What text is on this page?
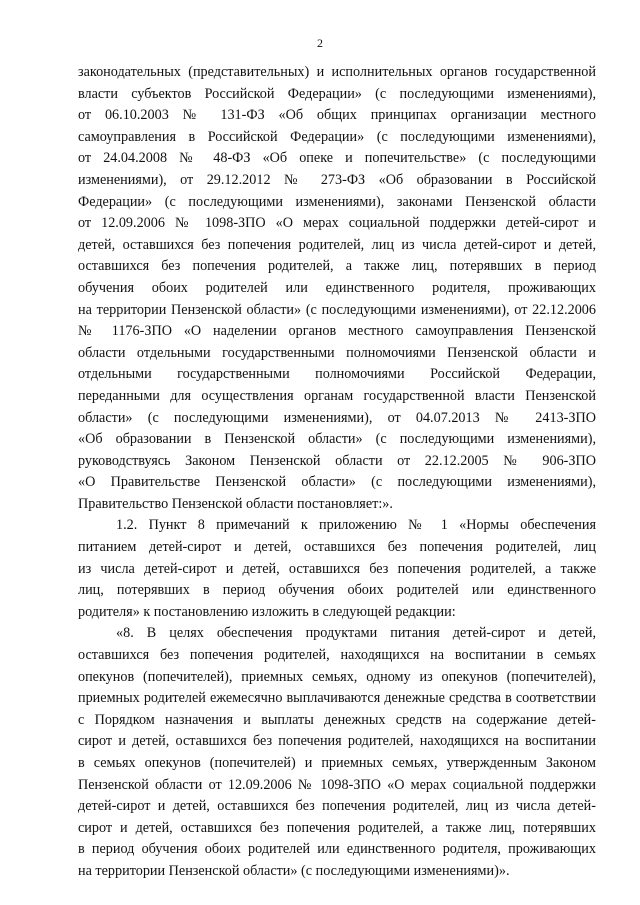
2
законодательных (представительных) и исполнительных органов государственной
власти субъектов Российской Федерации» (с последующими изменениями),
от 06.10.2003 № 131-ФЗ «Об общих принципах организации местного
самоуправления в Российской Федерации» (с последующими изменениями),
от 24.04.2008 № 48-ФЗ «Об опеке и попечительстве» (с последующими
изменениями), от 29.12.2012 № 273-ФЗ «Об образовании в Российской
Федерации» (с последующими изменениями), законами Пензенской области
от 12.09.2006 № 1098-ЗПО «О мерах социальной поддержки детей-сирот и
детей, оставшихся без попечения родителей, лиц из числа детей-сирот и детей,
оставшихся без попечения родителей, а также лиц, потерявших в период
обучения обоих родителей или единственного родителя, проживающих
на территории Пензенской области» (с последующими изменениями), от 22.12.2006
№ 1176-ЗПО «О наделении органов местного самоуправления Пензенской
области отдельными государственными полномочиями Пензенской области и
отдельными государственными полномочиями Российской Федерации,
переданными для осуществления органам государственной власти Пензенской
области» (с последующими изменениями), от 04.07.2013 № 2413-ЗПО
«Об образовании в Пензенской области» (с последующими изменениями),
руководствуясь Законом Пензенской области от 22.12.2005 № 906-ЗПО
«О Правительстве Пензенской области» (с последующими изменениями),
Правительство Пензенской области постановляет:».
1.2. Пункт 8 примечаний к приложению № 1 «Нормы обеспечения
питанием детей-сирот и детей, оставшихся без попечения родителей, лиц
из числа детей-сирот и детей, оставшихся без попечения родителей, а также
лиц, потерявших в период обучения обоих родителей или единственного
родителя» к постановлению изложить в следующей редакции:
«8. В целях обеспечения продуктами питания детей-сирот и детей,
оставшихся без попечения родителей, находящихся на воспитании в семьях
опекунов (попечителей), приемных семьях, одному из опекунов (попечителей),
приемных родителей ежемесячно выплачиваются денежные средства в соответствии
с Порядком назначения и выплаты денежных средств на содержание детей-
сирот и детей, оставшихся без попечения родителей, находящихся на воспитании
в семьях опекунов (попечителей) и приемных семьях, утвержденным Законом
Пензенской области от 12.09.2006 № 1098-ЗПО «О мерах социальной поддержки
детей-сирот и детей, оставшихся без попечения родителей, лиц из числа детей-
сирот и детей, оставшихся без попечения родителей, а также лиц, потерявших
в период обучения обоих родителей или единственного родителя, проживающих
на территории Пензенской области» (с последующими изменениями)».
